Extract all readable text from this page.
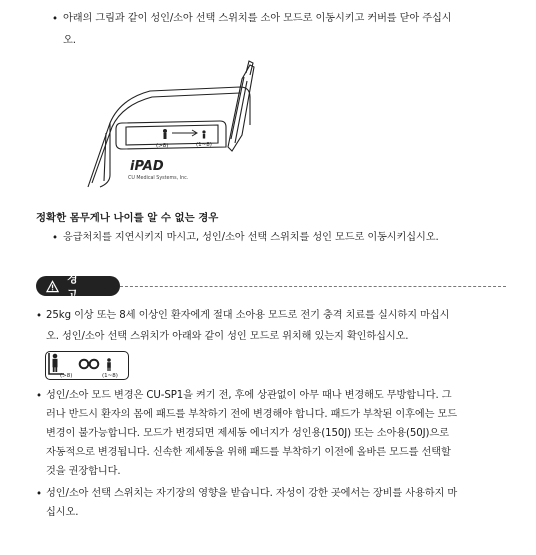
• 아래의 그림과 같이 성인/소아 선택 스위치를 소아 모드로 이동시키고 커버를 닫아 주십시
오.
(>8)	(1~8)
iPAD
CU Medical Systems, Inc.
정확한 몸무게나 나이를 알 수 없는 경우
• 응급처치를 지연시키지 마시고, 성인/소아 선택 스위치를 성인 모드로 이동시키십시오.
경 고
• 25kg 이상 또는 8세 이상인 환자에게 절대 소아용 모드로 전기 충격 치료를 실시하지 마십시
오. 성인/소아 선택 스위치가 아래와 같이 성인 모드로 위치해 있는지 확인하십시오.
(>8)	(1~8)
• 성인/소아 모드 변경은 CU-SP1을 켜기 전, 후에 상관없이 아무 때나 변경해도 무방합니다. 그
러나 반드시 환자의 몸에 패드를 부착하기 전에 변경해야 합니다. 패드가 부착된 이후에는 모드
변경이 불가능합니다. 모드가 변경되면 제세동 에너지가 성인용(150J) 또는 소아용(50J)으로
자동적으로 변경됩니다. 신속한 제세동을 위해 패드를 부착하기 이전에 올바른 모드를 선택할
것을 권장합니다.
• 성인/소아 선택 스위치는 자기장의 영향을 받습니다. 자성이 강한 곳에서는 장비를 사용하지 마
십시오.
